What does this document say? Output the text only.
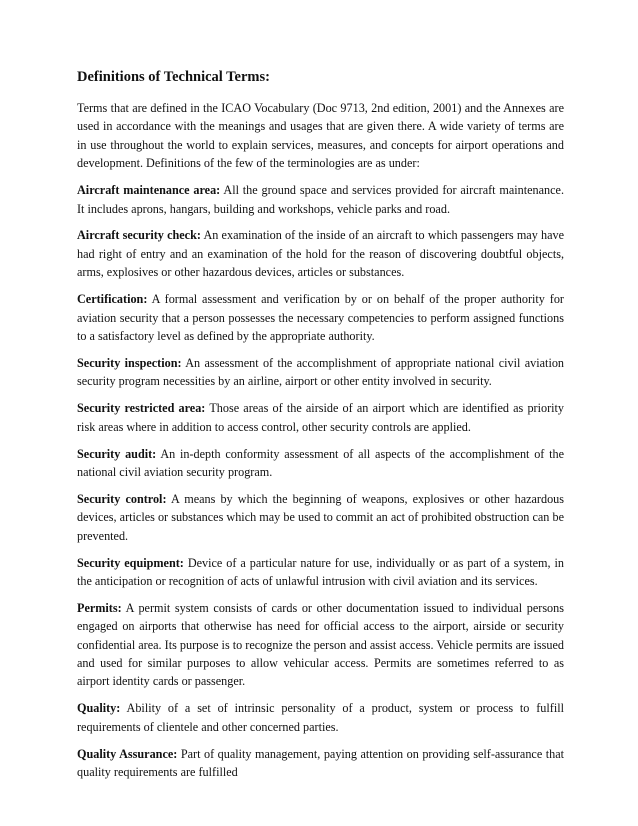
Definitions of Technical Terms:

Terms that are defined in the ICAO Vocabulary (Doc 9713, 2nd edition, 2001) and the Annexes are used in accordance with the meanings and usages that are given there. A wide variety of terms are in use throughout the world to explain services, measures, and concepts for airport operations and development. Definitions of the few of the terminologies are as under:

Aircraft maintenance area: All the ground space and services provided for aircraft maintenance. It includes aprons, hangars, building and workshops, vehicle parks and road.

Aircraft security check: An examination of the inside of an aircraft to which passengers may have had right of entry and an examination of the hold for the reason of discovering doubtful objects, arms, explosives or other hazardous devices, articles or substances.

Certification: A formal assessment and verification by or on behalf of the proper authority for aviation security that a person possesses the necessary competencies to perform assigned functions to a satisfactory level as defined by the appropriate authority.

Security inspection: An assessment of the accomplishment of appropriate national civil aviation security program necessities by an airline, airport or other entity involved in security.

Security restricted area: Those areas of the airside of an airport which are identified as priority risk areas where in addition to access control, other security controls are applied.

Security audit: An in-depth conformity assessment of all aspects of the accomplishment of the national civil aviation security program.

Security control: A means by which the beginning of weapons, explosives or other hazardous devices, articles or substances which may be used to commit an act of prohibited obstruction can be prevented.

Security equipment: Device of a particular nature for use, individually or as part of a system, in the anticipation or recognition of acts of unlawful intrusion with civil aviation and its services.

Permits: A permit system consists of cards or other documentation issued to individual persons engaged on airports that otherwise has need for official access to the airport, airside or security confidential area. Its purpose is to recognize the person and assist access. Vehicle permits are issued and used for similar purposes to allow vehicular access. Permits are sometimes referred to as airport identity cards or passenger.

Quality: Ability of a set of intrinsic personality of a product, system or process to fulfill requirements of clientele and other concerned parties.

Quality Assurance: Part of quality management, paying attention on providing self-assurance that quality requirements are fulfilled
